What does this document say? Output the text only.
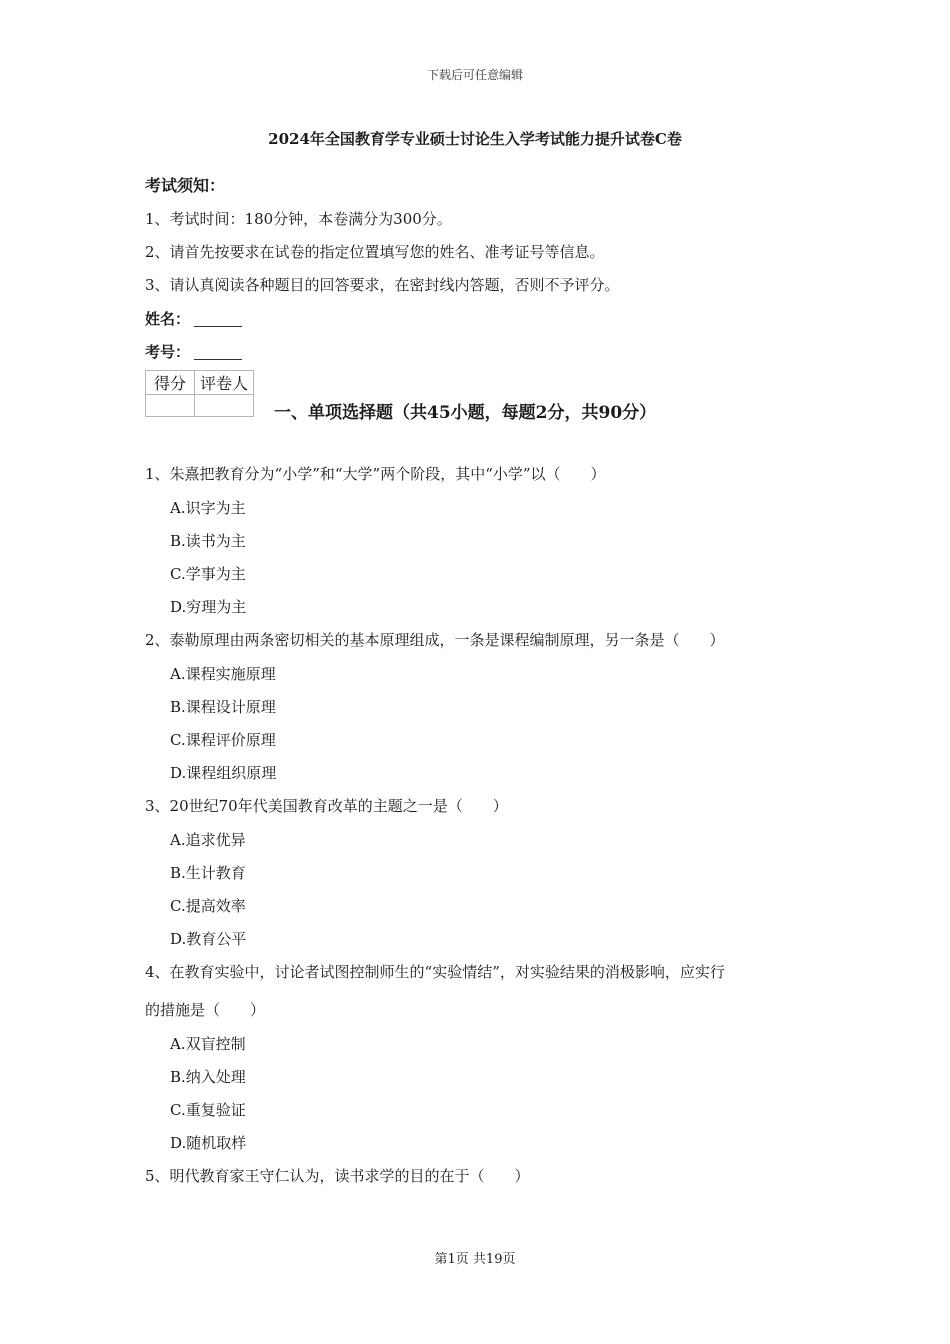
下载后可任意编辑
2024年全国教育学专业硕士讨论生入学考试能力提升试卷C卷
考试须知：
1、考试时间：180分钟，本卷满分为300分。
2、请首先按要求在试卷的指定位置填写您的姓名、准考证号等信息。
3、请认真阅读各种题目的回答要求，在密封线内答题，否则不予评分。
姓名：
考号：
得分	评卷人

一、单项选择题（共45小题，每题2分，共90分）
1、朱熹把教育分为“小学”和“大学”两个阶段，其中“小学”以（　　）
A.识字为主
B.读书为主
C.学事为主
D.穷理为主
2、泰勒原理由两条密切相关的基本原理组成，一条是课程编制原理，另一条是（　　）
A.课程实施原理
B.课程设计原理
C.课程评价原理
D.课程组织原理
3、20世纪70年代美国教育改革的主题之一是（　　）
A.追求优异
B.生计教育
C.提高效率
D.教育公平
4、在教育实验中，讨论者试图控制师生的“实验情结”，对实验结果的消极影响，应实行
的措施是（　　）
A.双盲控制
B.纳入处理
C.重复验证
D.随机取样
5、明代教育家王守仁认为，读书求学的目的在于（　　）
第1页 共19页
